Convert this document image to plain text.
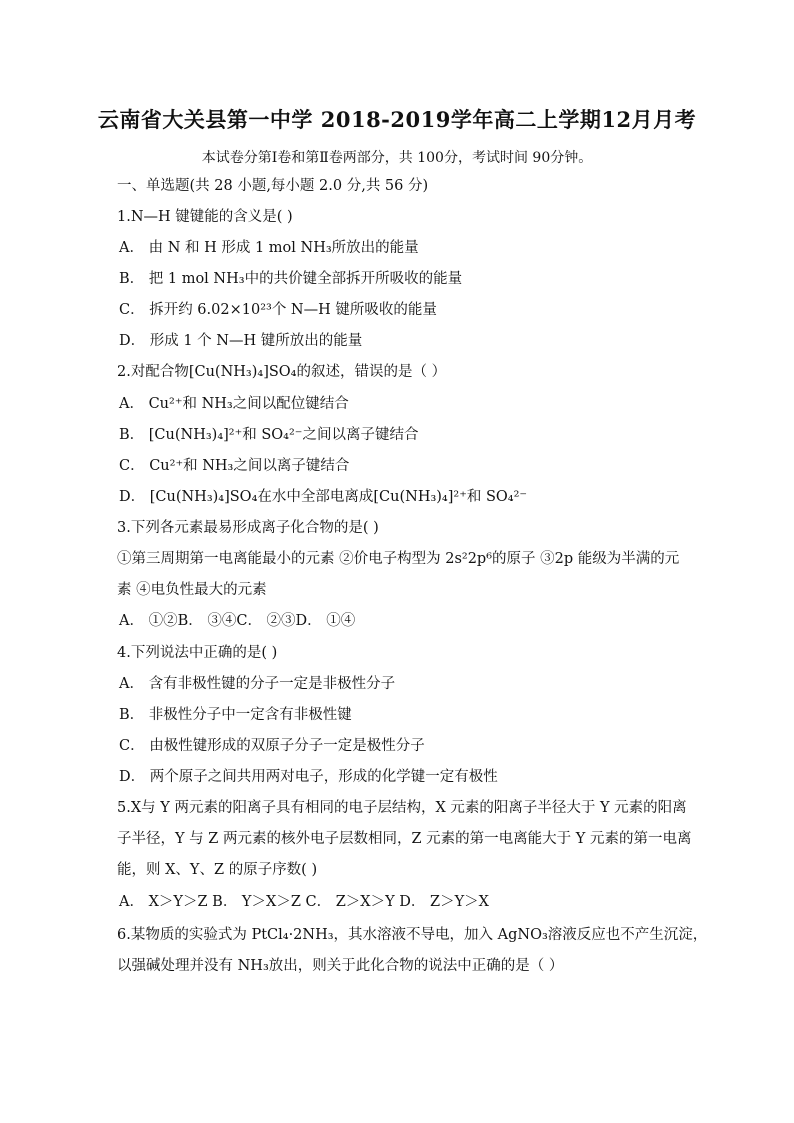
云南省大关县第一中学 2018-2019学年高二上学期12月月考
本试卷分第Ⅰ卷和第Ⅱ卷两部分，共 100分，考试时间 90分钟。
一、单选题(共 28 小题,每小题 2.0 分,共 56 分)
1.N—H 键键能的含义是( )
A． 由 N 和 H 形成 1 mol NH₃所放出的能量
B． 把 1 mol NH₃中的共价键全部拆开所吸收的能量
C． 拆开约 6.02×10²³个 N—H 键所吸收的能量
D． 形成 1 个 N—H 键所放出的能量
2.对配合物[Cu(NH₃)₄]SO₄的叙述，错误的是（ ）
A． Cu²⁺和 NH₃之间以配位键结合
B． [Cu(NH₃)₄]²⁺和 SO₄²⁻之间以离子键结合
C． Cu²⁺和 NH₃之间以离子键结合
D． [Cu(NH₃)₄]SO₄在水中全部电离成[Cu(NH₃)₄]²⁺和 SO₄²⁻
3.下列各元素最易形成离子化合物的是( )
①第三周期第一电离能最小的元素 ②价电子构型为 2s²2p⁶的原子 ③2p 能级为半满的元
素 ④电负性最大的元素
A． ①②B． ③④C． ②③D． ①④
4.下列说法中正确的是( )
A． 含有非极性键的分子一定是非极性分子
B． 非极性分子中一定含有非极性键
C． 由极性键形成的双原子分子一定是极性分子
D． 两个原子之间共用两对电子，形成的化学键一定有极性
5.X与 Y 两元素的阳离子具有相同的电子层结构，X 元素的阳离子半径大于 Y 元素的阳离
子半径，Y 与 Z 两元素的核外电子层数相同，Z 元素的第一电离能大于 Y 元素的第一电离
能，则 X、Y、Z 的原子序数( )
A． X＞Y＞Z B． Y＞X＞Z C． Z＞X＞Y D． Z＞Y＞X
6.某物质的实验式为 PtCl₄·2NH₃，其水溶液不导电，加入 AgNO₃溶液反应也不产生沉淀，
以强碱处理并没有 NH₃放出，则关于此化合物的说法中正确的是（ ）
